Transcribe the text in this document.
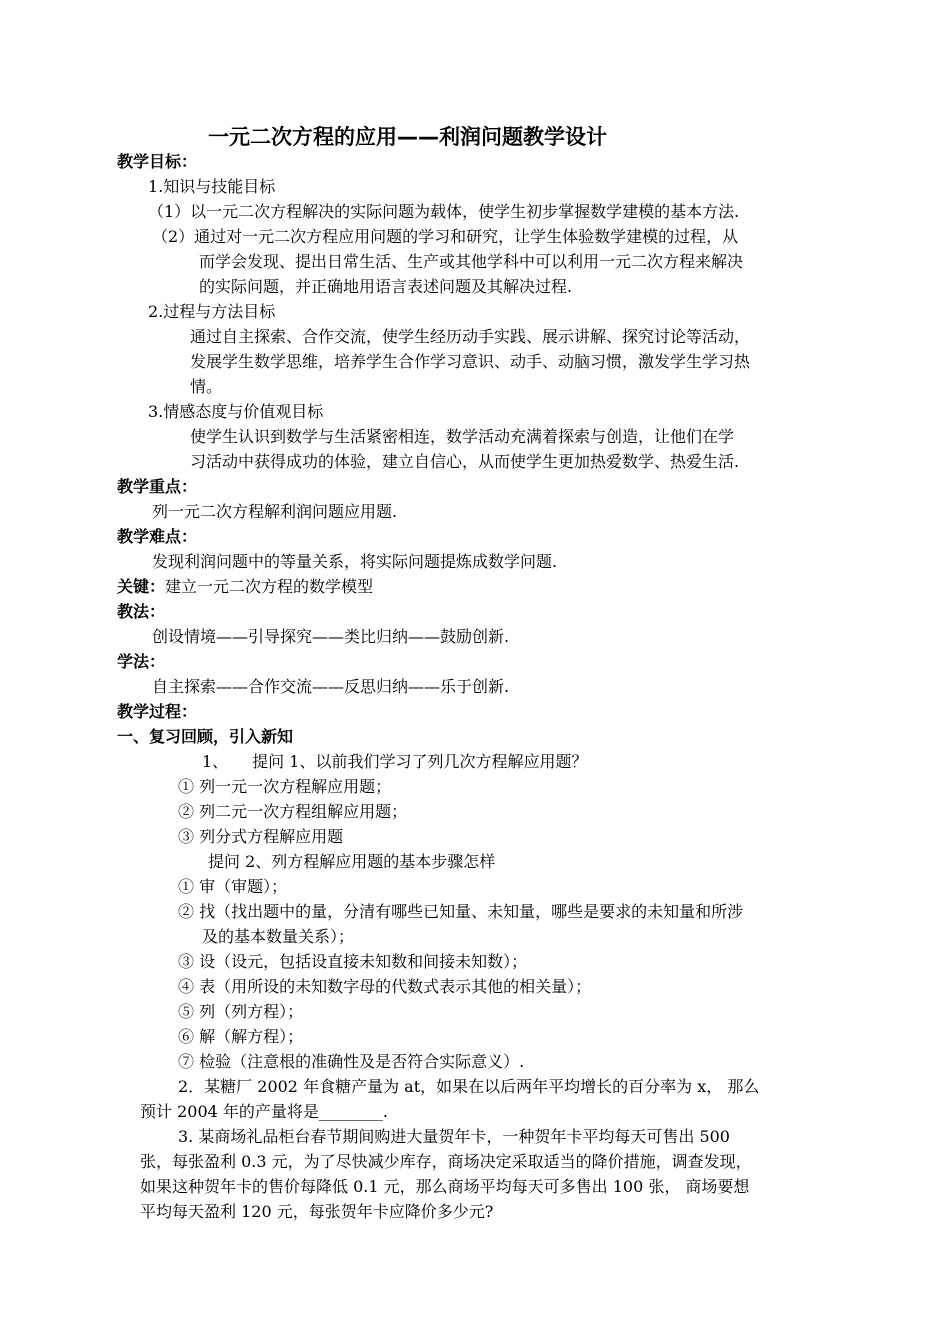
一元二次方程的应用——利润问题教学设计
教学目标：
1.知识与技能目标
（1）以一元二次方程解决的实际问题为载体，使学生初步掌握数学建模的基本方法.
（2）通过对一元二次方程应用问题的学习和研究，让学生体验数学建模的过程，从
而学会发现、提出日常生活、生产或其他学科中可以利用一元二次方程来解决
的实际问题，并正确地用语言表述问题及其解决过程.
2.过程与方法目标
通过自主探索、合作交流，使学生经历动手实践、展示讲解、探究讨论等活动，
发展学生数学思维，培养学生合作学习意识、动手、动脑习惯，激发学生学习热
情。
3.情感态度与价值观目标
使学生认识到数学与生活紧密相连，数学活动充满着探索与创造，让他们在学
习活动中获得成功的体验，建立自信心，从而使学生更加热爱数学、热爱生活.
教学重点：
列一元二次方程解利润问题应用题.
教学难点：
发现利润问题中的等量关系，将实际问题提炼成数学问题.
关键：建立一元二次方程的数学模型
教法：
创设情境——引导探究——类比归纳——鼓励创新.
学法：
自主探索——合作交流——反思归纳——乐于创新.
教学过程：
一、复习回顾，引入新知
1、　　提问 1、以前我们学习了列几次方程解应用题？
① 列一元一次方程解应用题；
② 列二元一次方程组解应用题；
③ 列分式方程解应用题
提问 2、列方程解应用题的基本步骤怎样
① 审（审题）；
② 找（找出题中的量，分清有哪些已知量、未知量，哪些是要求的未知量和所涉
及的基本数量关系）；
③ 设（设元，包括设直接未知数和间接未知数）；
④ 表（用所设的未知数字母的代数式表示其他的相关量）；
⑤ 列（列方程）；
⑥ 解（解方程）；
⑦ 检验（注意根的准确性及是否符合实际意义）.
2．某糖厂 2002 年食糖产量为 at，如果在以后两年平均增长的百分率为 x， 那么
预计 2004 年的产量将是________.
3. 某商场礼品柜台春节期间购进大量贺年卡，一种贺年卡平均每天可售出 500
张，每张盈利 0.3 元，为了尽快减少库存，商场决定采取适当的降价措施，调查发现，
如果这种贺年卡的售价每降低 0.1 元，那么商场平均每天可多售出 100 张， 商场要想
平均每天盈利 120 元，每张贺年卡应降价多少元?
